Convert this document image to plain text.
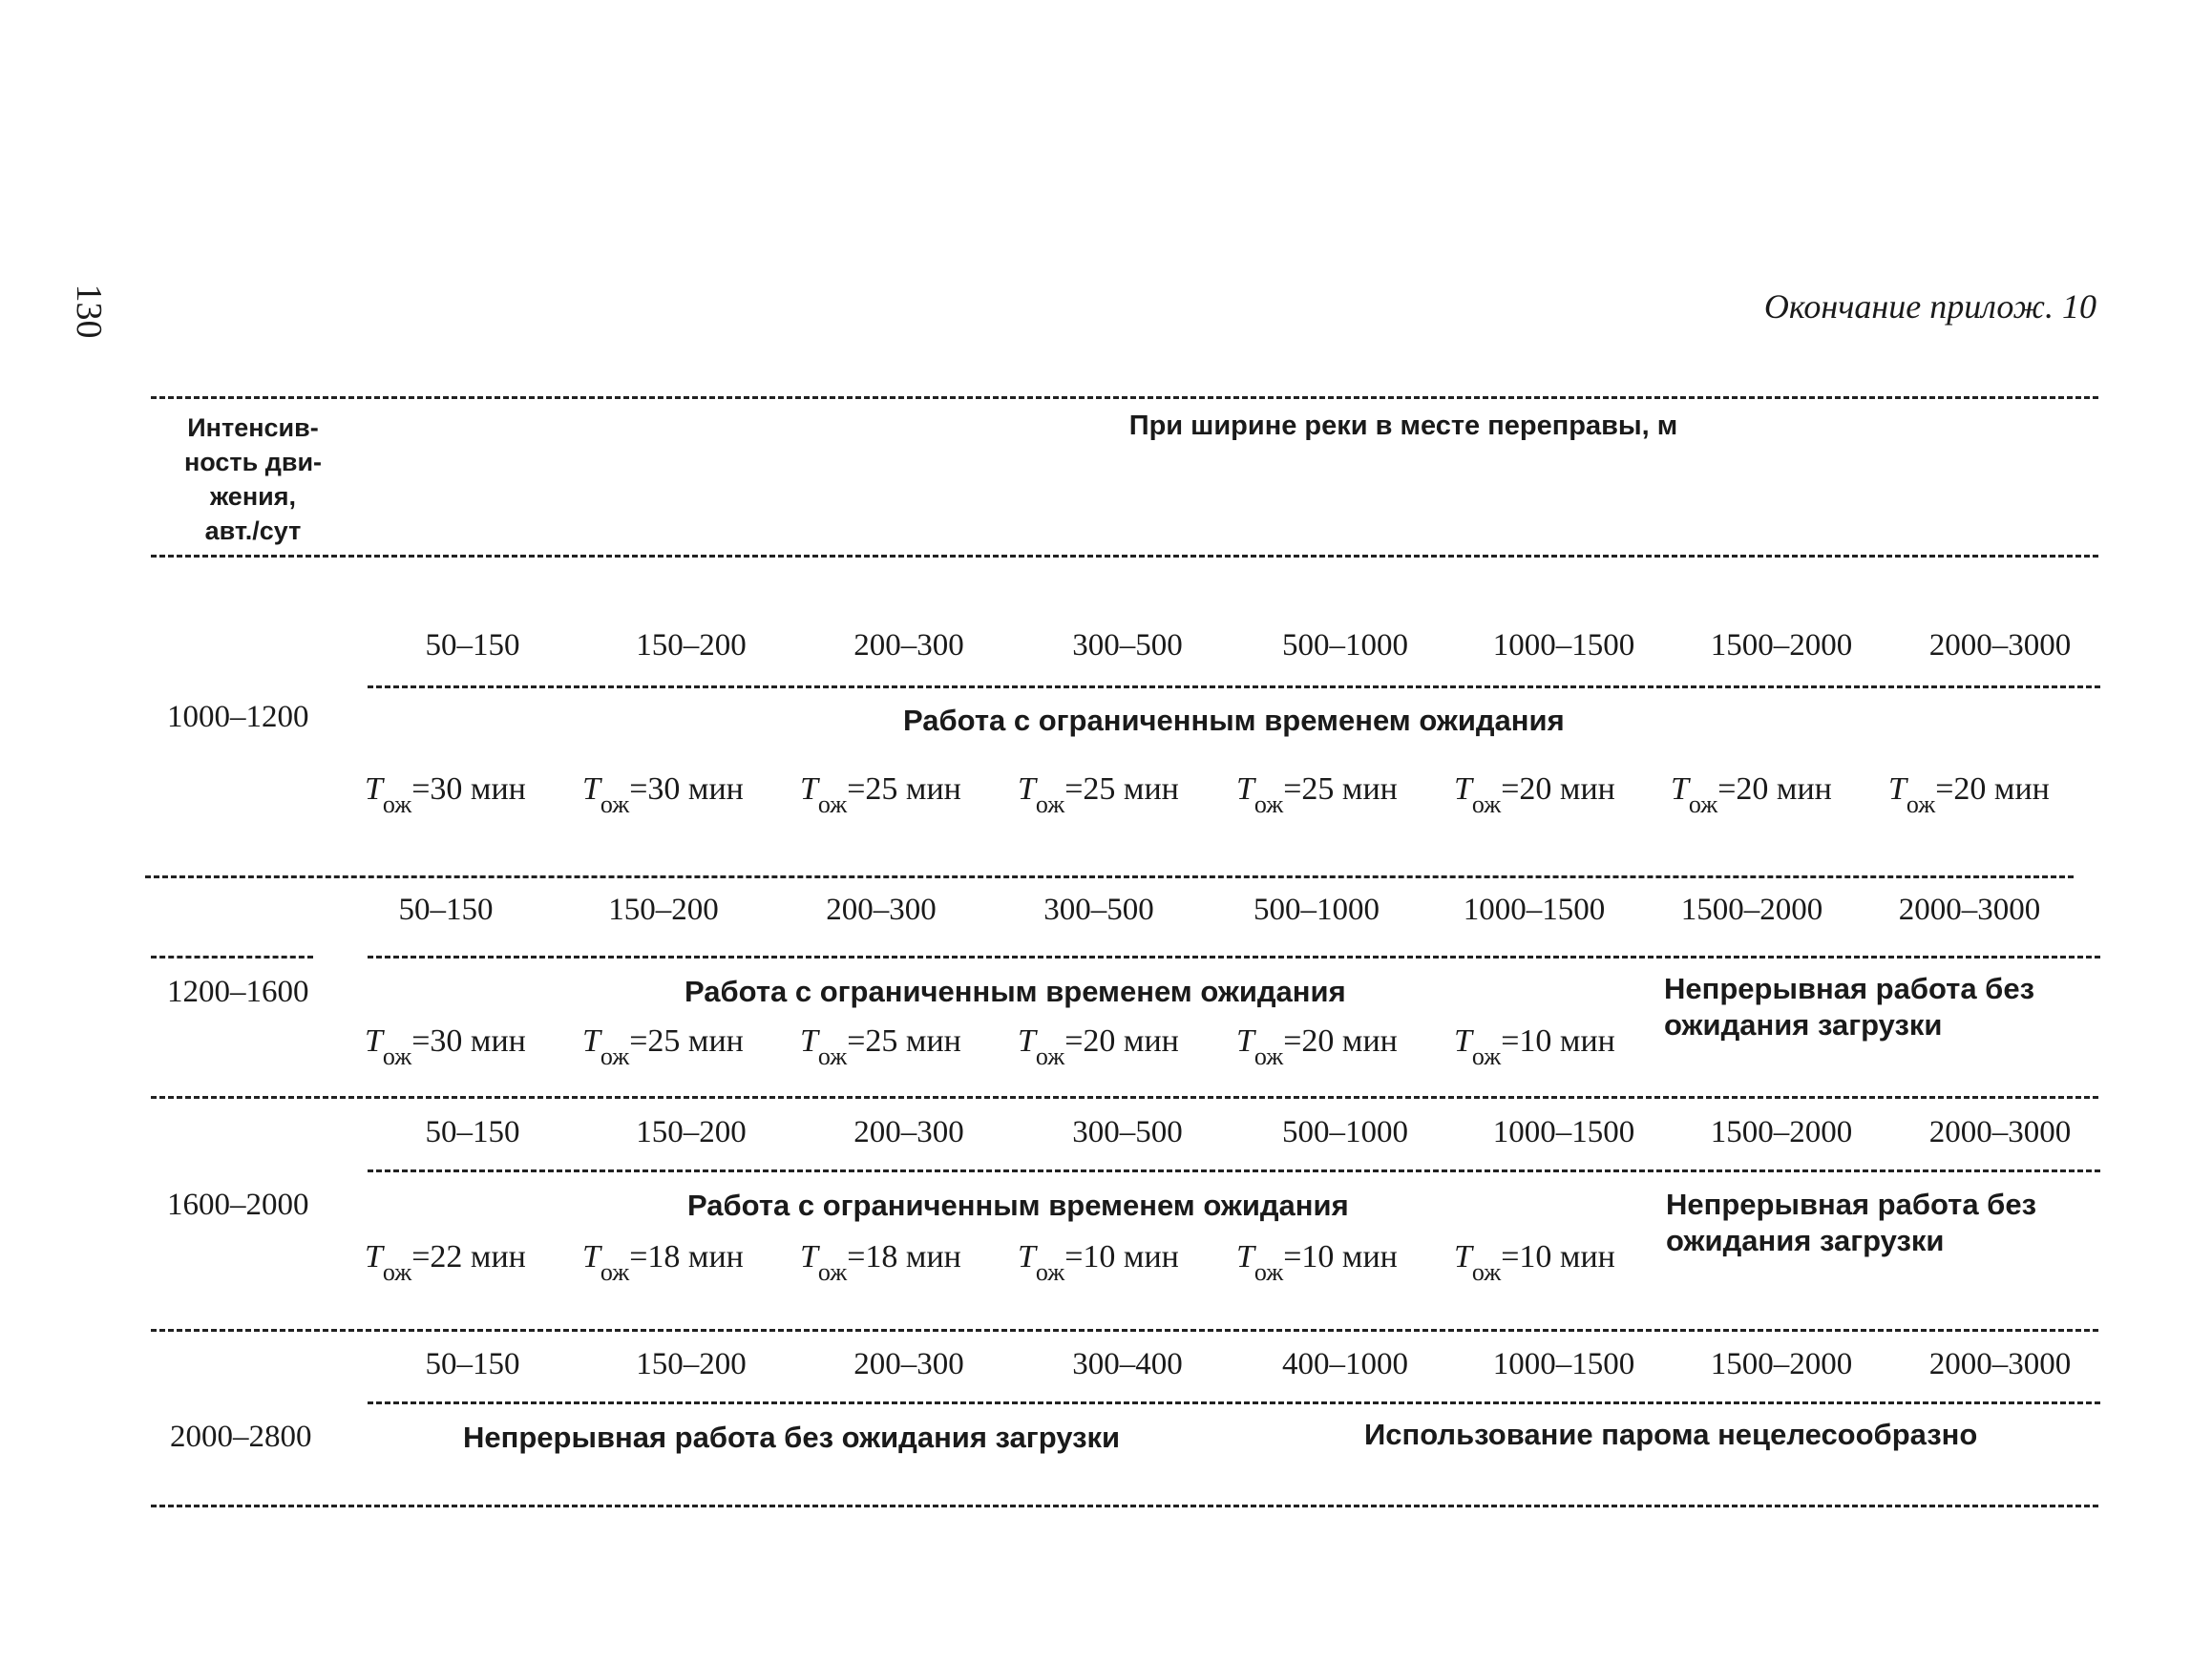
130	Окончание прилож. 10
Интенсив-
ность дви-
жения,
авт./сут
При ширине реки в месте переправы, м
1000–1200
50–150	150–200	200–300	300–500	500–1000	1000–1500	1500–2000	2000–3000
Работа с ограниченным временем ожидания
$T_{ож}=30$ мин $T_{ож}=30$ мин $T_{ож}=25$ мин $T_{ож}=25$ мин $T_{ож}=25$ мин $T_{ож}=20$ мин $T_{ож}=20$ мин $T_{ож}=20$ мин
50–150	150–200	200–300	300–500	500–1000	1000–1500	1500–2000	2000–3000
1200–1600	Работа с ограниченным временем ожидания	Непрерывная работа без
ожидания загрузки
$T_{ож}=30$ мин $T_{ож}=25$ мин $T_{ож}=25$ мин $T_{ож}=20$ мин $T_{ож}=20$ мин $T_{ож}=10$ мин
50–150	150–200	200–300	300–500	500–1000	1000–1500	1500–2000	2000–3000
1600–2000	Работа с ограниченным временем ожидания	Непрерывная работа без
ожидания загрузки
$T_{ож}=22$ мин $T_{ож}=18$ мин $T_{ож}=18$ мин $T_{ож}=10$ мин $T_{ож}=10$ мин $T_{ож}=10$ мин
50–150	150–200	200–300	300–400	400–1000	1000–1500	1500–2000	2000–3000
2000–2800	Непрерывная работа без ожидания загрузки	Использование парома нецелесообразно
